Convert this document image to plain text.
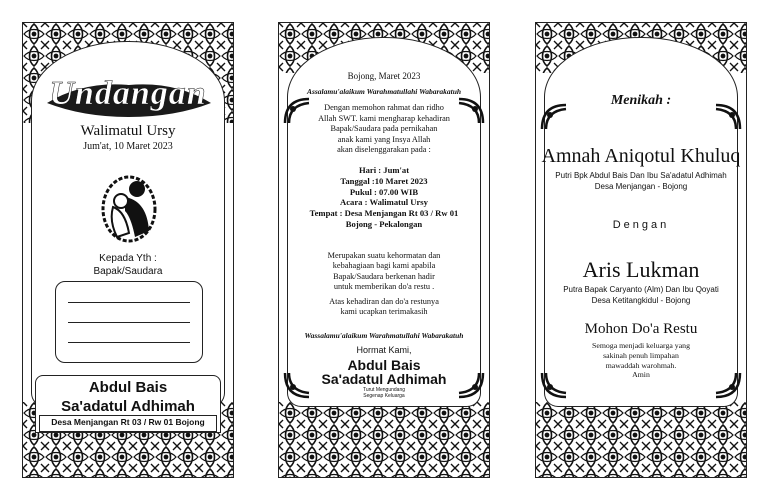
Undangan

Walimatul Ursy

Jum'at, 10 Maret 2023

Kepada Yth :

Bapak/Saudara

Abdul Bais

Sa'adatul Adhimah

Desa Menjangan Rt 03 / Rw 01 Bojong

Bojong, Maret 2023

Assalamu'alaikum Warahmatullahi Wabarakatuh

Dengan memohon rahmat dan ridho

Allah SWT. kami mengharap kehadiran

Bapak/Saudara pada pernikahan

anak kami yang Insya Allah

akan diselenggarakan pada :

Hari : Jum'at

Tanggal :10 Maret 2023

Pukul : 07.00 WIB

Acara : Walimatul Ursy

Tempat : Desa Menjangan Rt 03 / Rw 01

Bojong - Pekalongan

Merupakan suatu kehormatan dan

kebahagiaan bagi kami apabila

Bapak/Saudara berkenan hadir

untuk memberikan do'a restu .

Atas kehadiran dan do'a restunya

kami ucapkan terimakasih

Wassalamu'alaikum Warahmatullahi Wabarakatuh

Hormat Kami,

Abdul Bais

Sa'adatul Adhimah

Turut Mengundang

Segenap Keluarga

Menikah :

Amnah Aniqotul Khuluq

Putri Bpk Abdul Bais Dan Ibu Sa'adatul Adhimah

Desa Menjangan - Bojong

Dengan

Aris Lukman

Putra Bapak Caryanto (Alm) Dan Ibu Qoyati

Desa Ketitangkidul - Bojong

Mohon Do'a Restu

Semoga menjadi keluarga yang

sakinah penuh limpahan

mawaddah warohmah.

Amin
